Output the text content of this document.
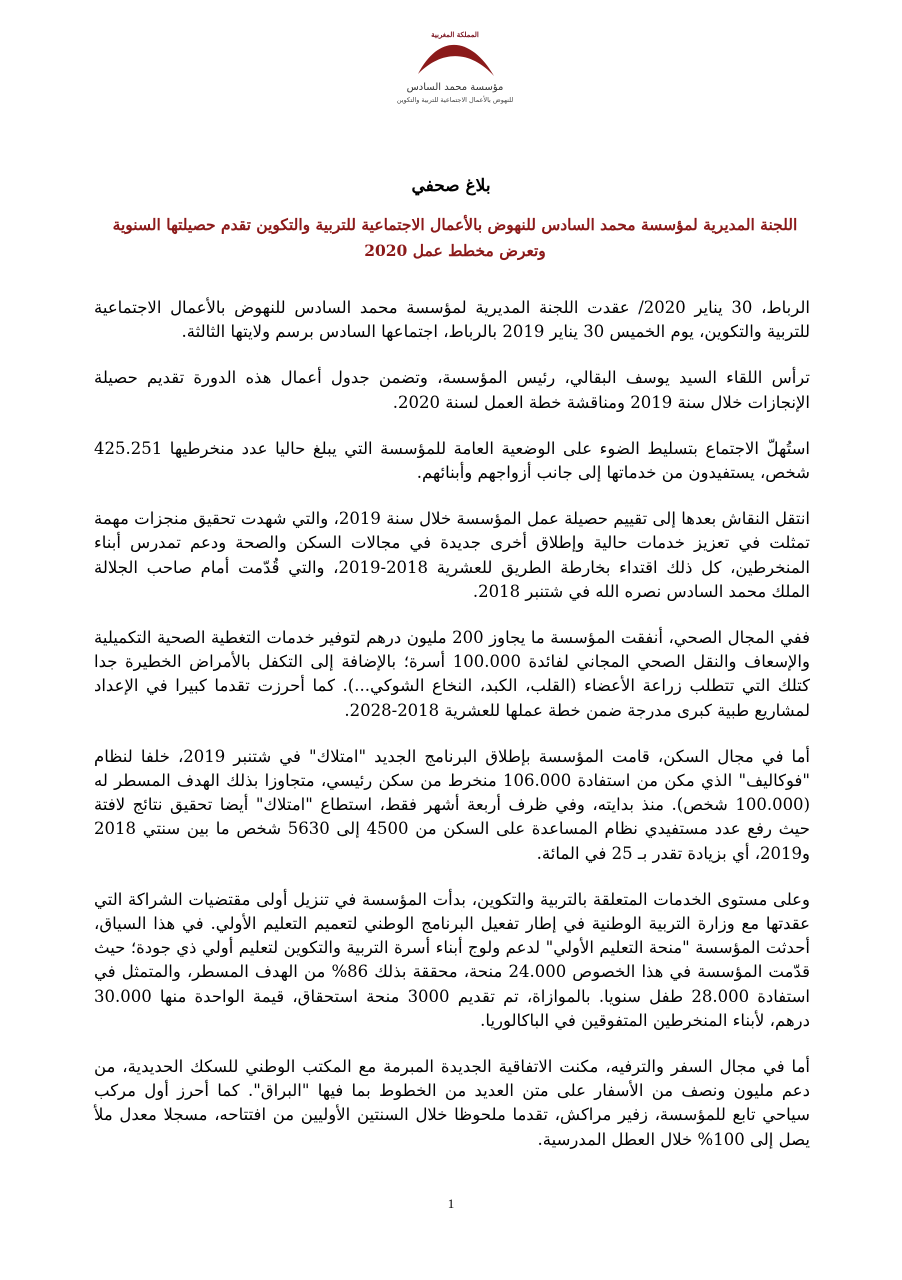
المملكة المغربية
مؤسسة محمد السادس
للنهوض بالأعمال الاجتماعية للتربية والتكوين
بلاغ صحفي
اللجنة المديرية لمؤسسة محمد السادس للنهوض بالأعمال الاجتماعية للتربية والتكوين تقدم حصيلتها السنوية وتعرض مخطط عمل 2020

الرباط، 30 يناير 2020/ عقدت اللجنة المديرية لمؤسسة محمد السادس للنهوض بالأعمال الاجتماعية للتربية والتكوين، يوم الخميس 30 يناير 2019 بالرباط، اجتماعها السادس برسم ولايتها الثالثة.

ترأس اللقاء السيد يوسف البقالي، رئيس المؤسسة، وتضمن جدول أعمال هذه الدورة تقديم حصيلة الإنجازات خلال سنة 2019 ومناقشة خطة العمل لسنة 2020.

استُهلّ الاجتماع بتسليط الضوء على الوضعية العامة للمؤسسة التي يبلغ حاليا عدد منخرطيها 425.251 شخص، يستفيدون من خدماتها إلى جانب أزواجهم وأبنائهم.

انتقل النقاش بعدها إلى تقييم حصيلة عمل المؤسسة خلال سنة 2019، والتي شهدت تحقيق منجزات مهمة تمثلت في تعزيز خدمات حالية وإطلاق أخرى جديدة في مجالات السكن والصحة ودعم تمدرس أبناء المنخرطين، كل ذلك اقتداء بخارطة الطريق للعشرية 2018-2019، والتي قُدّمت أمام صاحب الجلالة الملك محمد السادس نصره الله في شتنبر 2018.

ففي المجال الصحي، أنفقت المؤسسة ما يجاوز 200 مليون درهم لتوفير خدمات التغطية الصحية التكميلية والإسعاف والنقل الصحي المجاني لفائدة 100.000 أسرة؛ بالإضافة إلى التكفل بالأمراض الخطيرة جدا كتلك التي تتطلب زراعة الأعضاء (القلب، الكبد، النخاع الشوكي...). كما أحرزت تقدما كبيرا في الإعداد لمشاريع طبية كبرى مدرجة ضمن خطة عملها للعشرية 2018-2028.

أما في مجال السكن، قامت المؤسسة بإطلاق البرنامج الجديد "امتلاك" في شتنبر 2019، خلفا لنظام "فوكاليف" الذي مكن من استفادة 106.000 منخرط من سكن رئيسي، متجاوزا بذلك الهدف المسطر له (100.000 شخص). منذ بدايته، وفي ظرف أربعة أشهر فقط، استطاع "امتلاك" أيضا تحقيق نتائج لافتة حيث رفع عدد مستفيدي نظام المساعدة على السكن من 4500 إلى 5630 شخص ما بين سنتي 2018 و2019، أي بزيادة تقدر بـ 25 في المائة.

وعلى مستوى الخدمات المتعلقة بالتربية والتكوين، بدأت المؤسسة في تنزيل أولى مقتضيات الشراكة التي عقدتها مع وزارة التربية الوطنية في إطار تفعيل البرنامج الوطني لتعميم التعليم الأولي. في هذا السياق، أحدثت المؤسسة "منحة التعليم الأولي" لدعم ولوج أبناء أسرة التربية والتكوين لتعليم أولي ذي جودة؛ حيث قدّمت المؤسسة في هذا الخصوص 24.000 منحة، محققة بذلك 86% من الهدف المسطر، والمتمثل في استفادة 28.000 طفل سنويا. بالموازاة، تم تقديم 3000 منحة استحقاق، قيمة الواحدة منها 30.000 درهم، لأبناء المنخرطين المتفوقين في الباكالوريا.

أما في مجال السفر والترفيه، مكنت الاتفاقية الجديدة المبرمة مع المكتب الوطني للسكك الحديدية، من دعم مليون ونصف من الأسفار على متن العديد من الخطوط بما فيها "البراق". كما أحرز أول مركب سياحي تابع للمؤسسة، زفير مراكش، تقدما ملحوظا خلال السنتين الأوليين من افتتاحه، مسجلا معدل ملأ يصل إلى 100% خلال العطل المدرسية.

1
